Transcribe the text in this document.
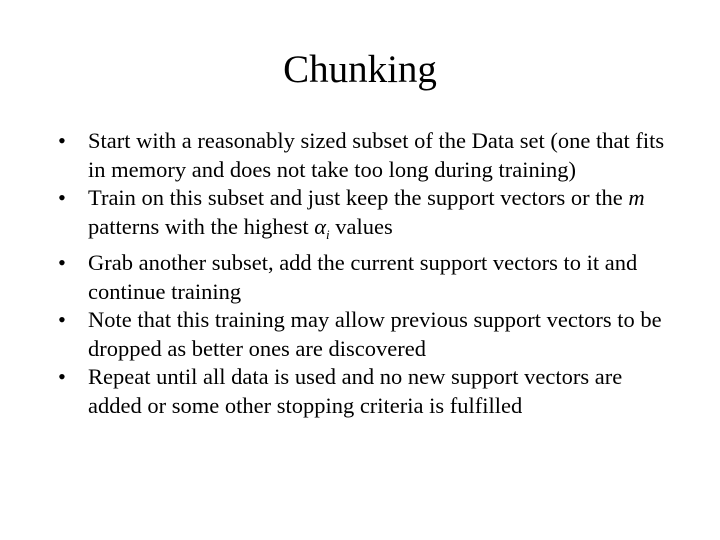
Chunking
• Start with a reasonably sized subset of the Data set (one that fits in memory and does not take too long during training)
• Train on this subset and just keep the support vectors or the m patterns with the highest $\alpha_i$ values
• Grab another subset, add the current support vectors to it and continue training
• Note that this training may allow previous support vectors to be dropped as better ones are discovered
• Repeat until all data is used and no new support vectors are added or some other stopping criteria is fulfilled
